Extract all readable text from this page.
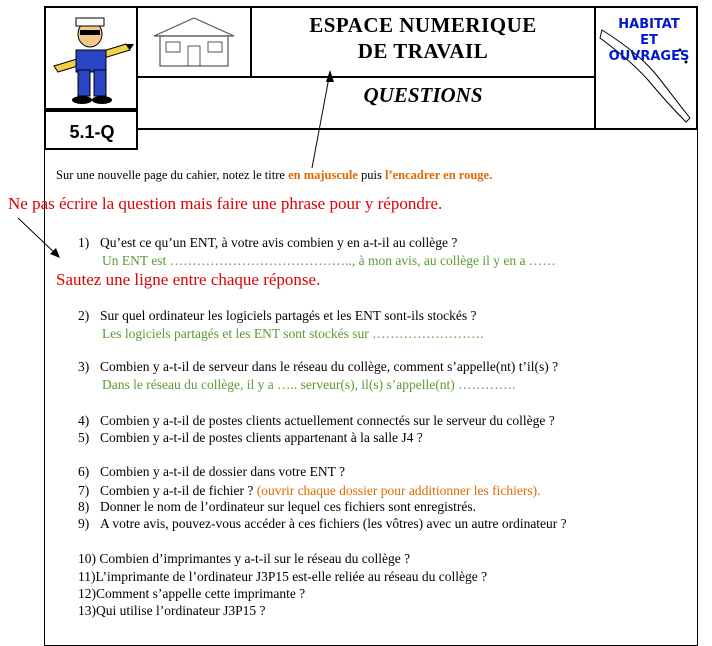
HABITAT
ET
OUVRAGES
ESPACE NUMERIQUE
DE TRAVAIL
QUESTIONS
5.1-Q
Sur une nouvelle page du cahier, notez le titre en majuscule puis l’encadrer en rouge.
Ne pas écrire la question mais faire une phrase pour y répondre.
Sautez une ligne entre chaque réponse.
1) Qu’est ce qu’un ENT, à votre avis combien y en a-t-il au collège ?
Un ENT est ………………………………….., à mon avis, au collège il y en a ……
2) Sur quel ordinateur les logiciels partagés et les ENT sont-ils stockés ?
Les logiciels partagés et les ENT sont stockés sur …………………….
3) Combien y a-t-il de serveur dans le réseau du collège, comment s’appelle(nt) t’il(s) ?
Dans le réseau du collège, il y a ….. serveur(s), il(s) s’appelle(nt) ………….
4) Combien y a-t-il de postes clients actuellement connectés sur le serveur du collège ?
5) Combien y a-t-il de postes clients appartenant à la salle J4 ?
6) Combien y a-t-il de dossier dans votre ENT ?
7) Combien y a-t-il de fichier ? (ouvrir chaque dossier pour additionner les fichiers).
8) Donner le nom de l’ordinateur sur lequel ces fichiers sont enregistrés.
9) A votre avis, pouvez-vous accéder à ces fichiers (les vôtres) avec un autre ordinateur ?
10) Combien d’imprimantes y a-t-il sur le réseau du collège ?
11)L’imprimante de l’ordinateur J3P15 est-elle reliée au réseau du collège ?
12)Comment s’appelle cette imprimante ?
13)Qui utilise l’ordinateur J3P15 ?
